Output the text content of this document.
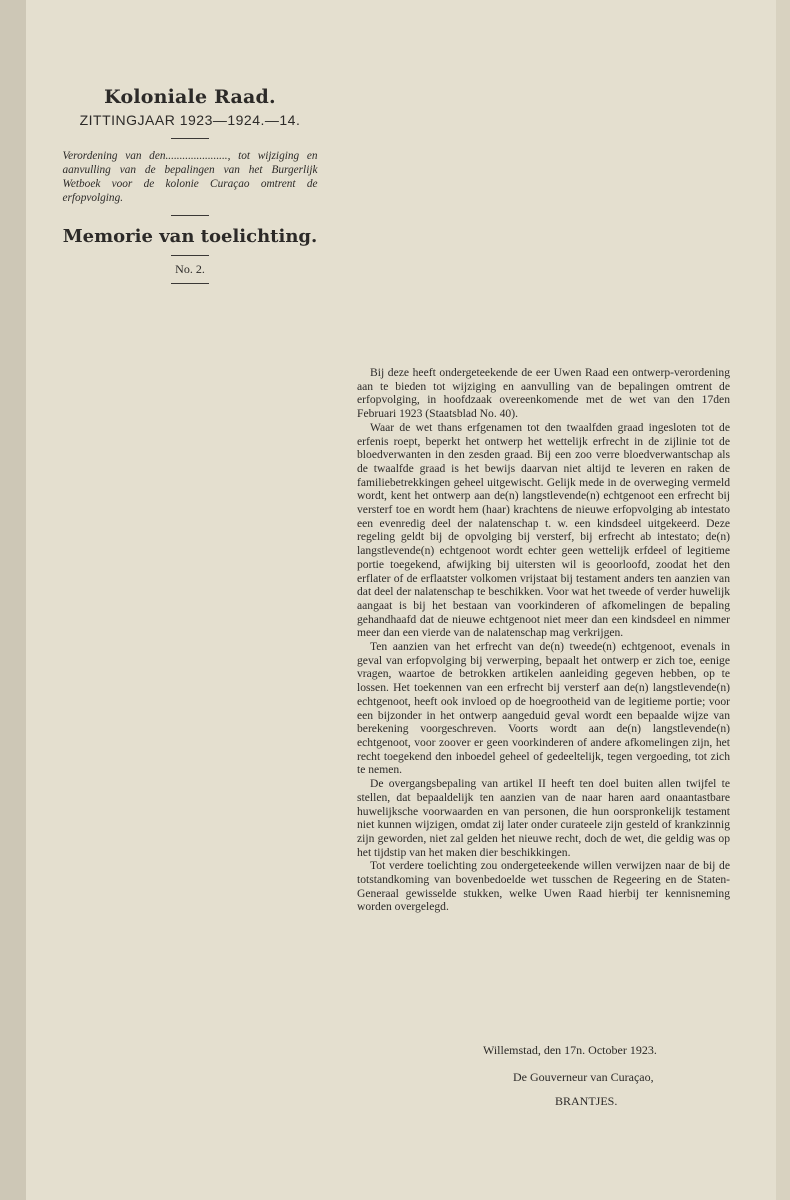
Koloniale Raad.
ZITTINGJAAR 1923—1924.—14.
Verordening van den......................, tot wijziging en aanvulling van de bepalingen van het Burgerlijk Wetboek voor de kolonie Curaçao omtrent de erfopvolging.
Memorie van toelichting.
No. 2.

Bij deze heeft ondergeteekende de eer Uwen Raad een ontwerp-verordening aan te bieden tot wijziging en aanvulling van de bepalingen omtrent de erfopvolging, in hoofdzaak overeenkomende met de wet van den 17den Februari 1923 (Staatsblad No. 40).

Waar de wet thans erfgenamen tot den twaalfden graad ingesloten tot de erfenis roept, beperkt het ontwerp het wettelijk erfrecht in de zijlinie tot de bloedverwanten in den zesden graad. Bij een zoo verre bloedverwantschap als de twaalfde graad is het bewijs daarvan niet altijd te leveren en raken de familiebetrekkingen geheel uitgewischt. Gelijk mede in de overweging vermeld wordt, kent het ontwerp aan de(n) langstlevende(n) echtgenoot een erfrecht bij versterf toe en wordt hem (haar) krachtens de nieuwe erfopvolging ab intestato een evenredig deel der nalatenschap t. w. een kindsdeel uitgekeerd. Deze regeling geldt bij de opvolging bij versterf, bij erfrecht ab intestato; de(n) langstlevende(n) echtgenoot wordt echter geen wettelijk erfdeel of legitieme portie toegekend, afwijking bij uitersten wil is geoorloofd, zoodat het den erflater of de erflaatster volkomen vrijstaat bij testament anders ten aanzien van dat deel der nalatenschap te beschikken. Voor wat het tweede of verder huwelijk aangaat is bij het bestaan van voorkinderen of afkomelingen de bepaling gehandhaafd dat de nieuwe echtgenoot niet meer dan een kindsdeel en nimmer meer dan een vierde van de nalatenschap mag verkrijgen.

Ten aanzien van het erfrecht van de(n) tweede(n) echtgenoot, evenals in geval van erfopvolging bij verwerping, bepaalt het ontwerp er zich toe, eenige vragen, waartoe de betrokken artikelen aanleiding gegeven hebben, op te lossen. Het toekennen van een erfrecht bij versterf aan de(n) langstlevende(n) echtgenoot, heeft ook invloed op de hoegrootheid van de legitieme portie; voor een bijzonder in het ontwerp aangeduid geval wordt een bepaalde wijze van berekening voorgeschreven. Voorts wordt aan de(n) langstlevende(n) echtgenoot, voor zoover er geen voorkinderen of andere afkomelingen zijn, het recht toegekend den inboedel geheel of gedeeltelijk, tegen vergoeding, tot zich te nemen.

De overgangsbepaling van artikel II heeft ten doel buiten allen twijfel te stellen, dat bepaaldelijk ten aanzien van de naar haren aard onaantastbare huwelijksche voorwaarden en van personen, die hun oorspronkelijk testament niet kunnen wijzigen, omdat zij later onder curateele zijn gesteld of krankzinnig zijn geworden, niet zal gelden het nieuwe recht, doch de wet, die geldig was op het tijdstip van het maken dier beschikkingen.

Tot verdere toelichting zou ondergeteekende willen verwijzen naar de bij de totstandkoming van bovenbedoelde wet tusschen de Regeering en de Staten-Generaal gewisselde stukken, welke Uwen Raad hierbij ter kennisneming worden overgelegd.

Willemstad, den 17n. October 1923.
De Gouverneur van Curaçao,
BRANTJES.
